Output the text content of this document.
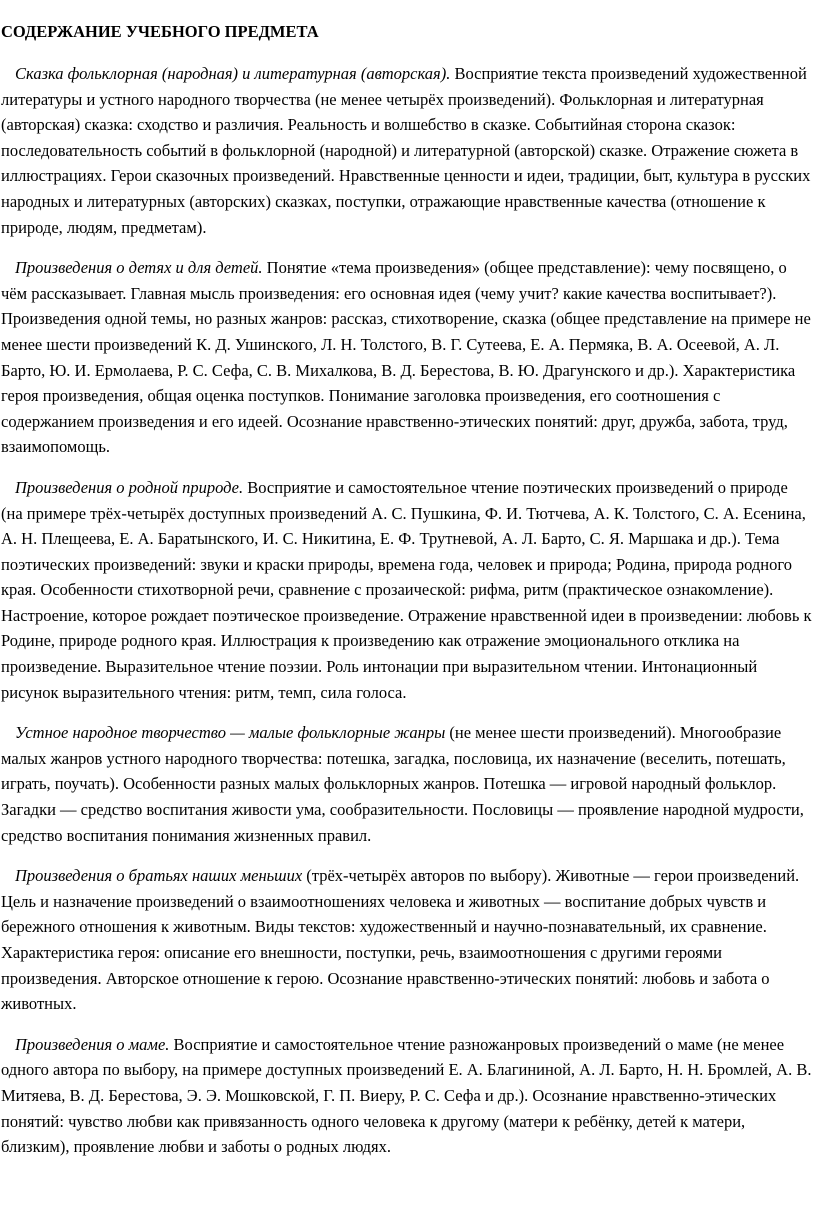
СОДЕРЖАНИЕ УЧЕБНОГО ПРЕДМЕТА

Сказка фольклорная (народная) и литературная (авторская). Восприятие текста произведений художественной литературы и устного народного творчества (не менее четырёх произведений). Фольклорная и литературная (авторская) сказка: сходство и различия. Реальность и волшебство в сказке. Событийная сторона сказок: последовательность событий в фольклорной (народной) и литературной (авторской) сказке. Отражение сюжета в иллюстрациях. Герои сказочных произведений. Нравственные ценности и идеи, традиции, быт, культура в русских народных и литературных (авторских) сказках, поступки, отражающие нравственные качества (отношение к природе, людям, предметам).

Произведения о детях и для детей. Понятие «тема произведения» (общее представление): чему посвящено, о чём рассказывает. Главная мысль произведения: его основная идея (чему учит? какие качества воспитывает?). Произведения одной темы, но разных жанров: рассказ, стихотворение, сказка (общее представление на примере не менее шести произведений К. Д. Ушинского, Л. Н. Толстого, В. Г. Сутеева, Е. А. Пермяка, В. А. Осеевой, А. Л. Барто, Ю. И. Ермолаева, Р. С. Сефа, С. В. Михалкова, В. Д. Берестова, В. Ю. Драгунского и др.). Характеристика героя произведения, общая оценка поступков. Понимание заголовка произведения, его соотношения с содержанием произведения и его идеей. Осознание нравственно-этических понятий: друг, дружба, забота, труд, взаимопомощь.

Произведения о родной природе. Восприятие и самостоятельное чтение поэтических произведений о природе (на примере трёх-четырёх доступных произведений А. С. Пушкина, Ф. И. Тютчева, А. К. Толстого, С. А. Есенина, А. Н. Плещеева, Е. А. Баратынского, И. С. Никитина, Е. Ф. Трутневой, А. Л. Барто, С. Я. Маршака и др.). Тема поэтических произведений: звуки и краски природы, времена года, человек и природа; Родина, природа родного края. Особенности стихотворной речи, сравнение с прозаической: рифма, ритм (практическое ознакомление). Настроение, которое рождает поэтическое произведение. Отражение нравственной идеи в произведении: любовь к Родине, природе родного края. Иллюстрация к произведению как отражение эмоционального отклика на произведение. Выразительное чтение поэзии. Роль интонации при выразительном чтении. Интонационный рисунок выразительного чтения: ритм, темп, сила голоса.

Устное народное творчество — малые фольклорные жанры (не менее шести произведений). Многообразие малых жанров устного народного творчества: потешка, загадка, пословица, их назначение (веселить, потешать, играть, поучать). Особенности разных малых фольклорных жанров. Потешка — игровой народный фольклор. Загадки — средство воспитания живости ума, сообразительности. Пословицы — проявление народной мудрости, средство воспитания понимания жизненных правил.

Произведения о братьях наших меньших (трёх-четырёх авторов по выбору). Животные — герои произведений. Цель и назначение произведений о взаимоотношениях человека и животных — воспитание добрых чувств и бережного отношения к животным. Виды текстов: художественный и научно-познавательный, их сравнение. Характеристика героя: описание его внешности, поступки, речь, взаимоотношения с другими героями произведения. Авторское отношение к герою. Осознание нравственно-этических понятий: любовь и забота о животных.

Произведения о маме. Восприятие и самостоятельное чтение разножанровых произведений о маме (не менее одного автора по выбору, на примере доступных произведений Е. А. Благининой, А. Л. Барто, Н. Н. Бромлей, А. В. Митяева, В. Д. Берестова, Э. Э. Мошковской, Г. П. Виеру, Р. С. Сефа и др.). Осознание нравственно-этических понятий: чувство любви как привязанность одного человека к другому (матери к ребёнку, детей к матери, близким), проявление любви и заботы о родных людях.
